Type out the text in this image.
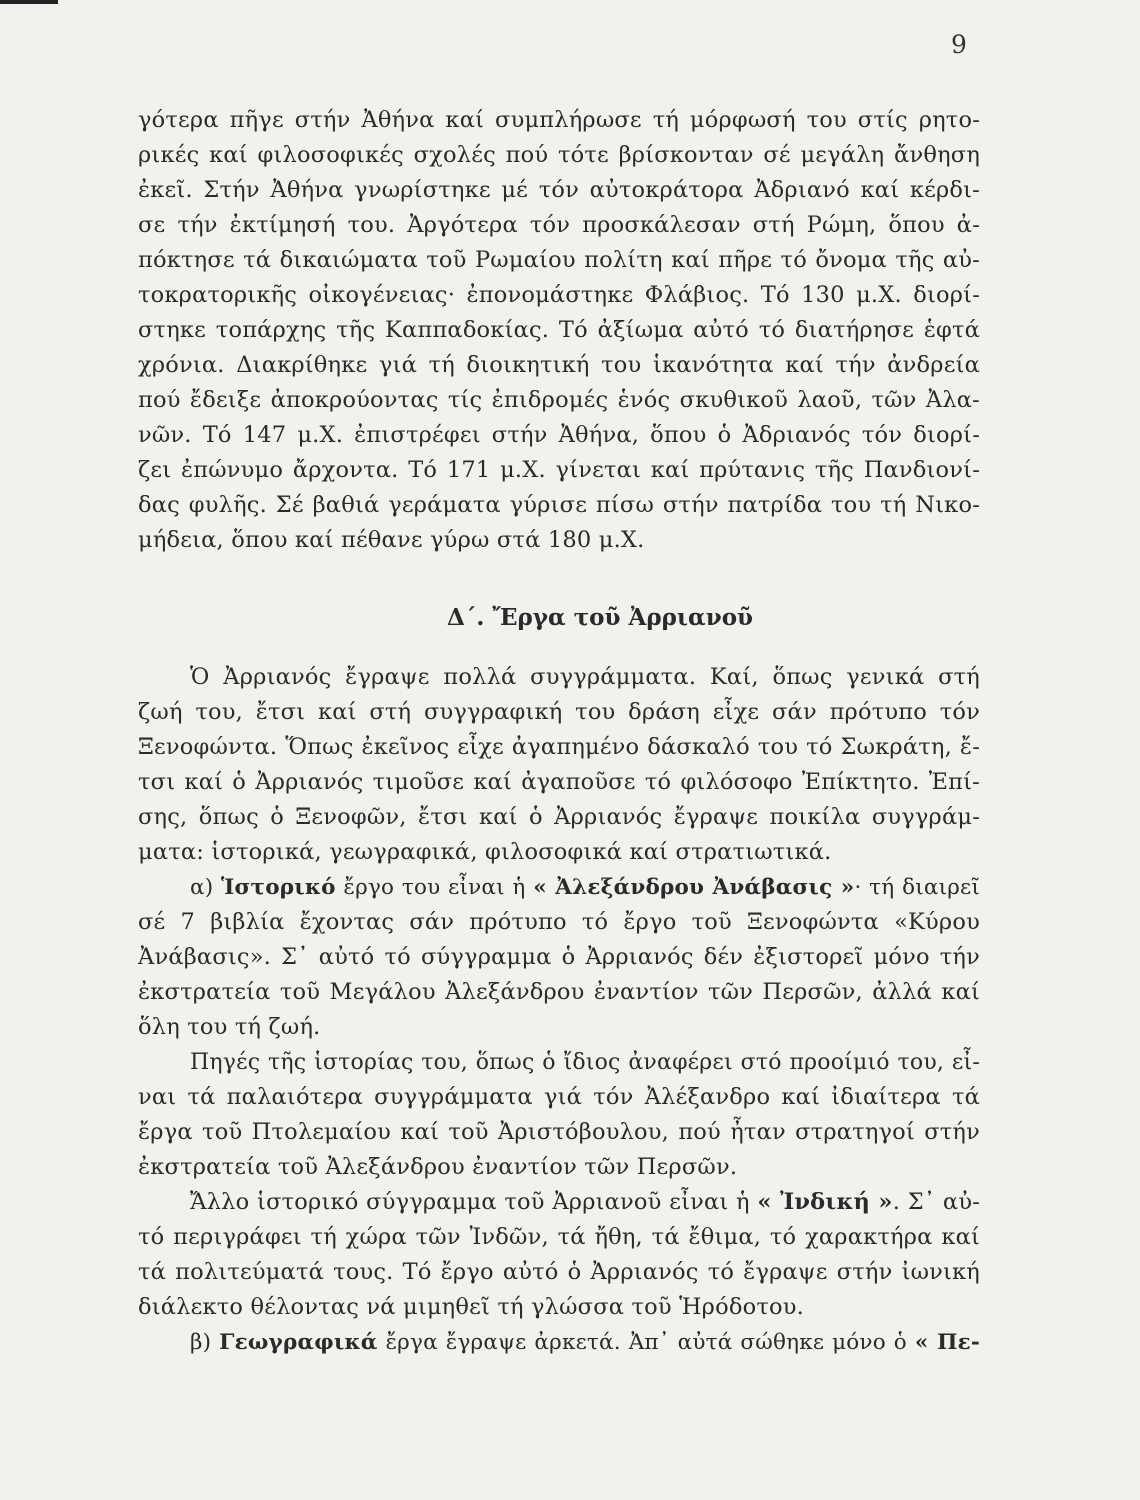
9
γότερα πῆγε στήν Ἀθήνα καί συμπλήρωσε τή μόρφωσή του στίς ρητο-
ρικές καί φιλοσοφικές σχολές πού τότε βρίσκονταν σέ μεγάλη ἄνθηση
ἐκεῖ. Στήν Ἀθήνα γνωρίστηκε μέ τόν αὐτοκράτορα Ἀδριανό καί κέρδι-
σε τήν ἐκτίμησή του. Ἀργότερα τόν προσκάλεσαν στή Ρώμη, ὅπου ἀ-
πόκτησε τά δικαιώματα τοῦ Ρωμαίου πολίτη καί πῆρε τό ὄνομα τῆς αὐ-
τοκρατορικῆς οἰκογένειας· ἐπονομάστηκε Φλάβιος. Τό 130 μ.Χ. διορί-
στηκε τοπάρχης τῆς Καππαδοκίας. Τό ἀξίωμα αὐτό τό διατήρησε ἑφτά
χρόνια. Διακρίθηκε γιά τή διοικητική του ἱκανότητα καί τήν ἀνδρεία
πού ἔδειξε ἀποκρούοντας τίς ἐπιδρομές ἑνός σκυθικοῦ λαοῦ, τῶν Ἀλα-
νῶν. Τό 147 μ.Χ. ἐπιστρέφει στήν Ἀθήνα, ὅπου ὁ Ἀδριανός τόν διορί-
ζει ἐπώνυμο ἄρχοντα. Τό 171 μ.Χ. γίνεται καί πρύτανις τῆς Πανδιονί-
δας φυλῆς. Σέ βαθιά γεράματα γύρισε πίσω στήν πατρίδα του τή Νικο-
μήδεια, ὅπου καί πέθανε γύρω στά 180 μ.Χ.
Δ΄. Ἔργα τοῦ Ἀρριανοῦ
Ὁ Ἀρριανός ἔγραψε πολλά συγγράμματα. Καί, ὅπως γενικά στή
ζωή του, ἔτσι καί στή συγγραφική του δράση εἶχε σάν πρότυπο τόν
Ξενοφώντα. Ὅπως ἐκεῖνος εἶχε ἀγαπημένο δάσκαλό του τό Σωκράτη, ἔ-
τσι καί ὁ Ἀρριανός τιμοῦσε καί ἀγαποῦσε τό φιλόσοφο Ἐπίκτητο. Ἐπί-
σης, ὅπως ὁ Ξενοφῶν, ἔτσι καί ὁ Ἀρριανός ἔγραψε ποικίλα συγγράμ-
ματα: ἱστορικά, γεωγραφικά, φιλοσοφικά καί στρατιωτικά.
α) Ἱστορικό ἔργο του εἶναι ἡ « Ἀλεξάνδρου Ἀνάβασις »· τή διαιρεῖ
σέ 7 βιβλία ἔχοντας σάν πρότυπο τό ἔργο τοῦ Ξενοφώντα «Κύρου
Ἀνάβασις». Σ᾽ αὐτό τό σύγγραμμα ὁ Ἀρριανός δέν ἐξιστορεῖ μόνο τήν
ἐκστρατεία τοῦ Μεγάλου Ἀλεξάνδρου ἐναντίον τῶν Περσῶν, ἀλλά καί
ὅλη του τή ζωή.
Πηγές τῆς ἱστορίας του, ὅπως ὁ ἴδιος ἀναφέρει στό προοίμιό του, εἶ-
ναι τά παλαιότερα συγγράμματα γιά τόν Ἀλέξανδρο καί ἰδιαίτερα τά
ἔργα τοῦ Πτολεμαίου καί τοῦ Ἀριστόβουλου, πού ἦταν στρατηγοί στήν
ἐκστρατεία τοῦ Ἀλεξάνδρου ἐναντίον τῶν Περσῶν.
Ἄλλο ἱστορικό σύγγραμμα τοῦ Ἀρριανοῦ εἶναι ἡ « Ἰνδική ». Σ᾽ αὐ-
τό περιγράφει τή χώρα τῶν Ἰνδῶν, τά ἤθη, τά ἔθιμα, τό χαρακτήρα καί
τά πολιτεύματά τους. Τό ἔργο αὐτό ὁ Ἀρριανός τό ἔγραψε στήν ἰωνική
διάλεκτο θέλοντας νά μιμηθεῖ τή γλώσσα τοῦ Ἡρόδοτου.
β) Γεωγραφικά ἔργα ἔγραψε ἀρκετά. Ἀπ᾽ αὐτά σώθηκε μόνο ὁ « Πε-
